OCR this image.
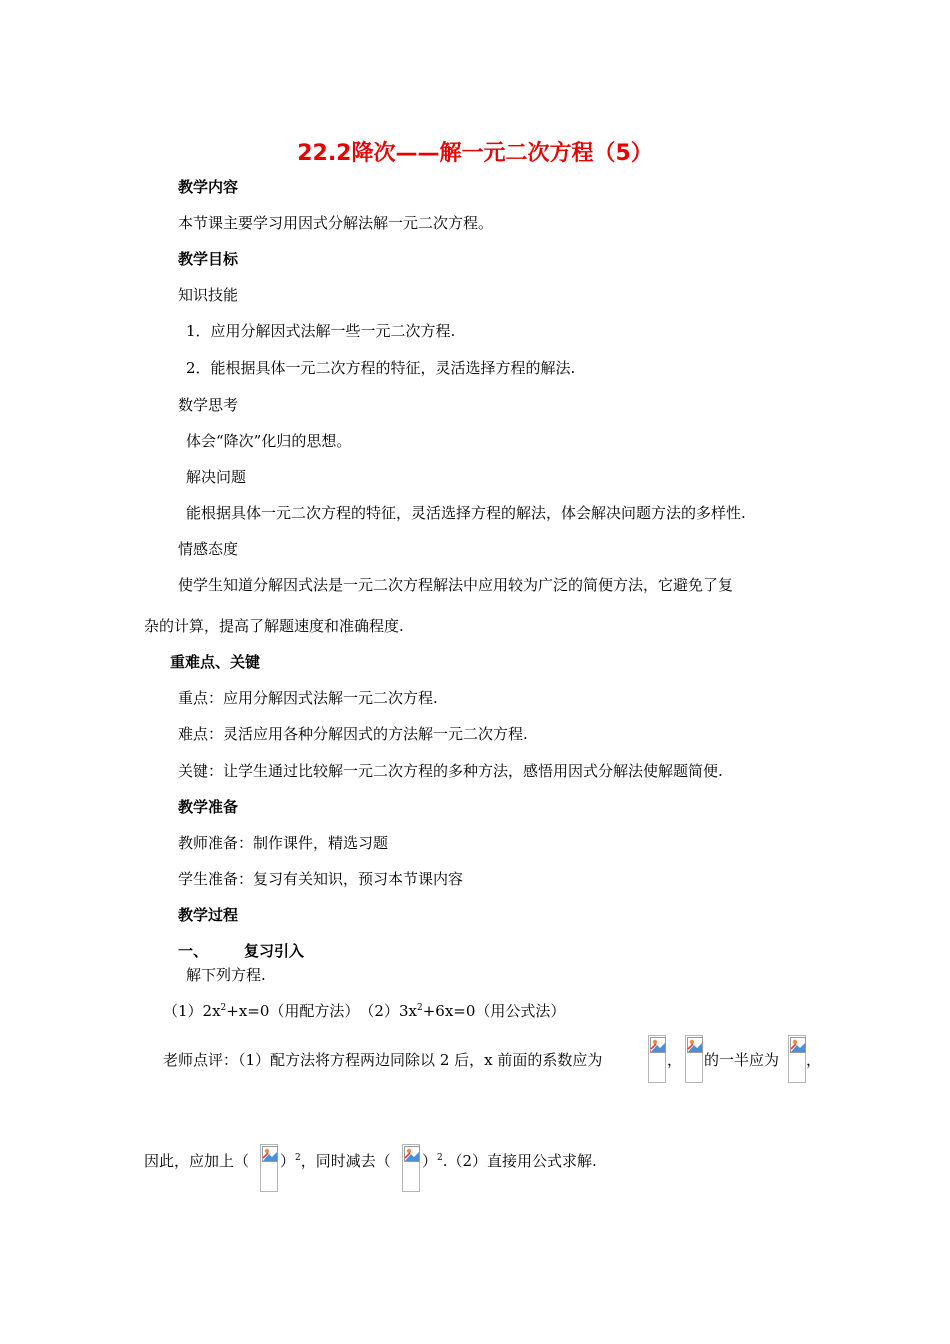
22.2降次——解一元二次方程（5）
教学内容
本节课主要学习用因式分解法解一元二次方程。
教学目标
知识技能
1．应用分解因式法解一些一元二次方程.
2．能根据具体一元二次方程的特征，灵活选择方程的解法.
数学思考
体会“降次”化归的思想。
解决问题
能根据具体一元二次方程的特征，灵活选择方程的解法，体会解决问题方法的多样性.
情感态度
使学生知道分解因式法是一元二次方程解法中应用较为广泛的简便方法，它避免了复
杂的计算，提高了解题速度和准确程度.
重难点、关键
重点：应用分解因式法解一元二次方程.
难点：灵活应用各种分解因式的方法解一元二次方程.
关键：让学生通过比较解一元二次方程的多种方法，感悟用因式分解法使解题简便.
教学准备
教师准备：制作课件，精选习题
学生准备：复习有关知识，预习本节课内容
教学过程
一、 复习引入
解下列方程.
$(1)2x^2+x=0$（用配方法）　$(2)3x^2+6x=0$（用公式法）
老师点评：（1）配方法将方程两边同除以 2 后，x 前面的系数应为	， 的一半应为 ，
因此，应加上（ ）$^2$，同时减去（ ）$^2$.（2）直接用公式求解.
